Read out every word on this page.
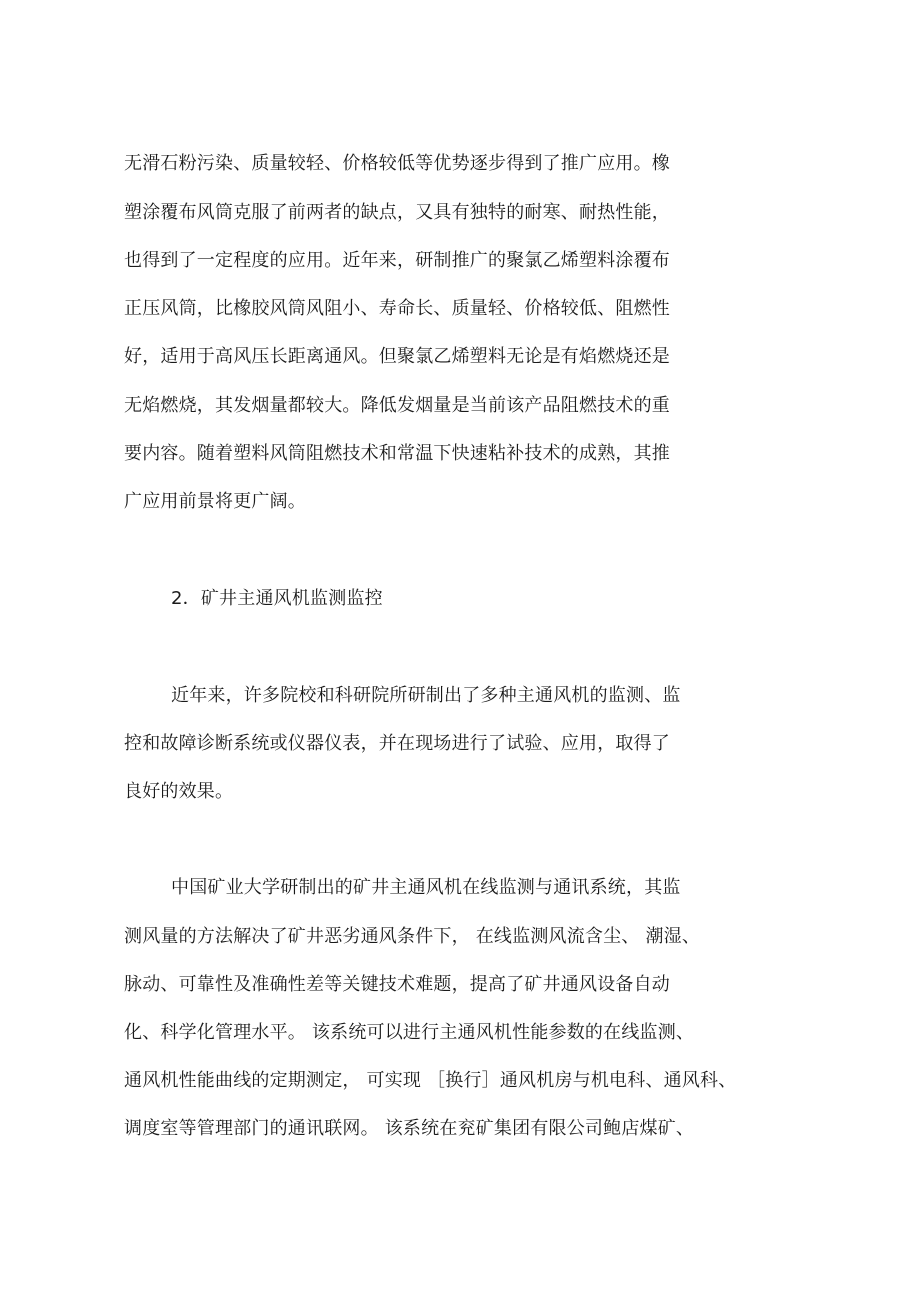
无滑石粉污染、质量较轻、价格较低等优势逐步得到了推广应用。橡
塑涂覆布风筒克服了前两者的缺点，又具有独特的耐寒、耐热性能，
也得到了一定程度的应用。近年来，研制推广的聚氯乙烯塑料涂覆布
正压风筒，比橡胶风筒风阻小、寿命长、质量轻、价格较低、阻燃性
好，适用于高风压长距离通风。但聚氯乙烯塑料无论是有焰燃烧还是
无焰燃烧，其发烟量都较大。降低发烟量是当前该产品阻燃技术的重
要内容。随着塑料风筒阻燃技术和常温下快速粘补技术的成熟，其推
广应用前景将更广阔。
2．矿井主通风机监测监控
近年来，许多院校和科研院所研制出了多种主通风机的监测、监
控和故障诊断系统或仪器仪表，并在现场进行了试验、应用，取得了
良好的效果。
中国矿业大学研制出的矿井主通风机在线监测与通讯系统，其监
测风量的方法解决了矿井恶劣通风条件下， 在线监测风流含尘、 潮湿、
脉动、可靠性及准确性差等关键技术难题，提高了矿井通风设备自动
化、科学化管理水平。 该系统可以进行主通风机性能参数的在线监测、
通风机性能曲线的定期测定， 可实现 ［换行］通风机房与机电科、通风科、
调度室等管理部门的通讯联网。 该系统在兖矿集团有限公司鲍店煤矿、
